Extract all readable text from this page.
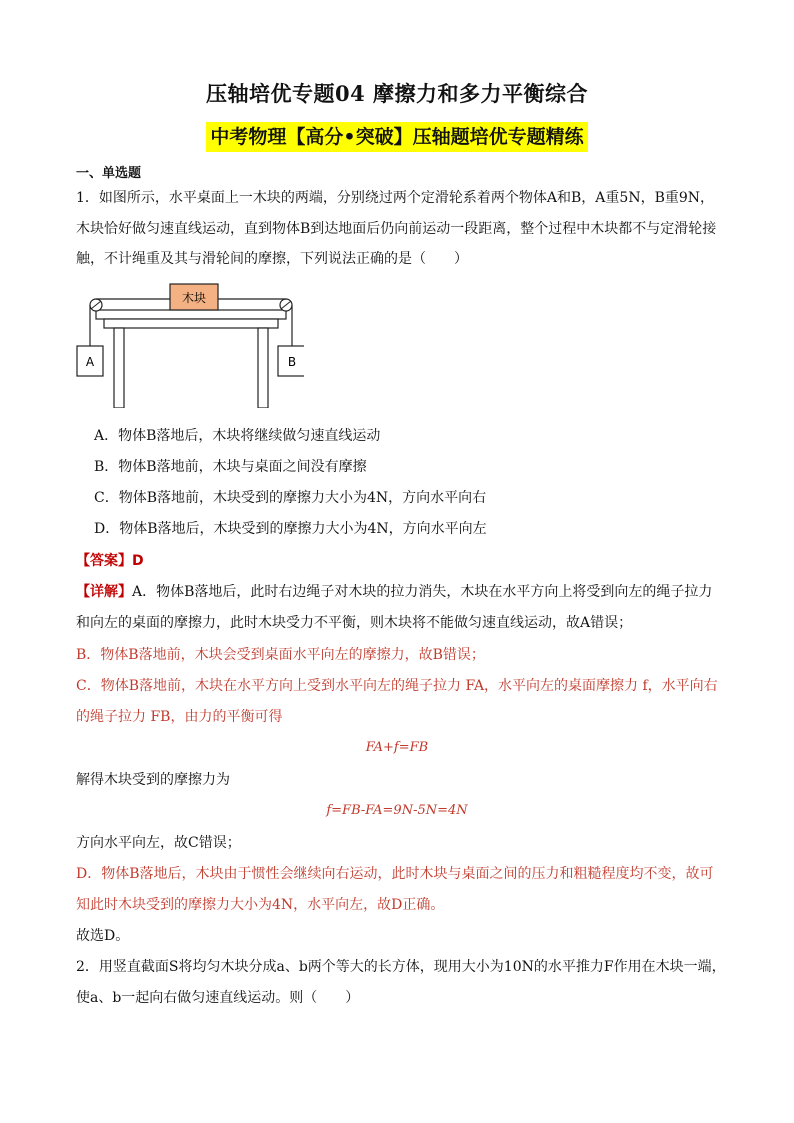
压轴培优专题04 摩擦力和多力平衡综合
中考物理【高分•突破】压轴题培优专题精练
一、单选题
1．如图所示，水平桌面上一木块的两端，分别绕过两个定滑轮系着两个物体A和B，A重5N，B重9N，
木块恰好做匀速直线运动，直到物体B到达地面后仍向前运动一段距离，整个过程中木块都不与定滑轮接
触，不计绳重及其与滑轮间的摩擦，下列说法正确的是（　　）
木块
A	B
A．物体B落地后，木块将继续做匀速直线运动
B．物体B落地前，木块与桌面之间没有摩擦
C．物体B落地前，木块受到的摩擦力大小为4N，方向水平向右
D．物体B落地后，木块受到的摩擦力大小为4N，方向水平向左
【答案】D
【详解】A．物体B落地后，此时右边绳子对木块的拉力消失，木块在水平方向上将受到向左的绳子拉力
和向左的桌面的摩擦力，此时木块受力不平衡，则木块将不能做匀速直线运动，故A错误；
B．物体B落地前，木块会受到桌面水平向左的摩擦力，故B错误；
C．物体B落地前，木块在水平方向上受到水平向左的绳子拉力 FA，水平向左的桌面摩擦力 f，水平向右
的绳子拉力 FB，由力的平衡可得
FA+f=FB
解得木块受到的摩擦力为
f=FB-FA=9N-5N=4N
方向水平向左，故C错误；
D．物体B落地后，木块由于惯性会继续向右运动，此时木块与桌面之间的压力和粗糙程度均不变，故可
知此时木块受到的摩擦力大小为4N，水平向左，故D正确。
故选D。
2．用竖直截面S将均匀木块分成a、b两个等大的长方体，现用大小为10N的水平推力F作用在木块一端，
使a、b一起向右做匀速直线运动。则（　　）
